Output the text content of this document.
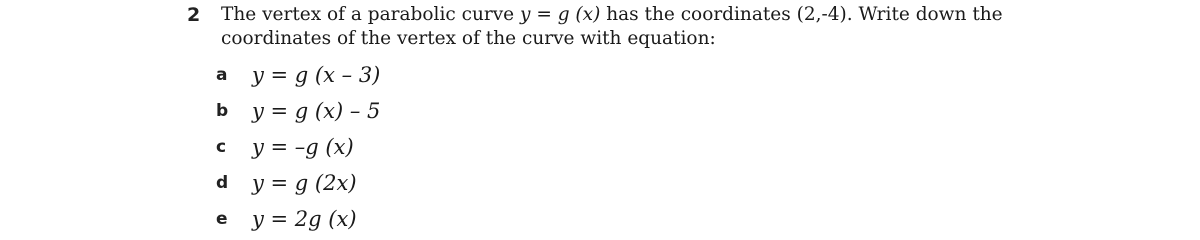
2 The vertex of a parabolic curve y = g (x) has the coordinates (2,-4). Write down the
coordinates of the vertex of the curve with equation:
a	y = g (x – 3)
b	y = g (x) – 5
c	y = –g (x)
d	y = g (2x)
e	y = 2g (x)
